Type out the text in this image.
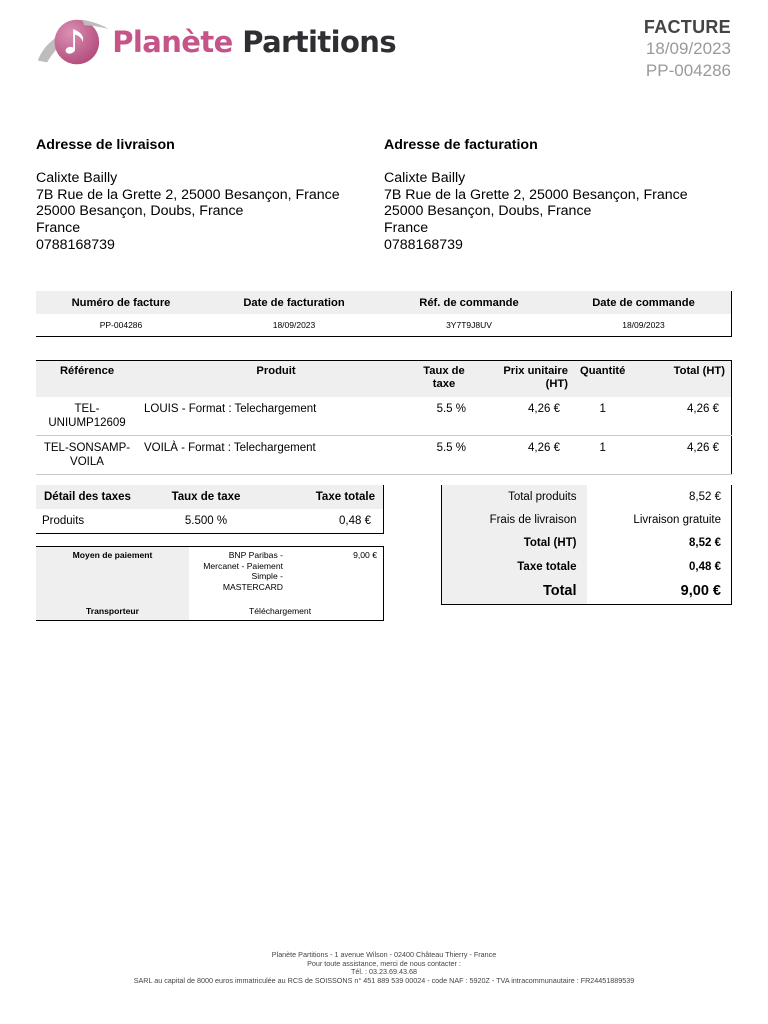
Planète Partitions	FACTURE
18/09/2023
PP-004286
Adresse de livraison
Calixte Bailly
7B Rue de la Grette 2, 25000 Besançon, France
25000 Besançon, Doubs, France
France
0788168739
Adresse de facturation
Calixte Bailly
7B Rue de la Grette 2, 25000 Besançon, France
25000 Besançon, Doubs, France
France
0788168739
Numéro de facture	Date de facturation	Réf. de commande	Date de commande
PP-004286	18/09/2023	3Y7T9J8UV	18/09/2023
Référence	Produit	Taux de taxe	Prix unitaire (HT)	Quantité	Total (HT)
TEL-UNIUMP12609	LOUIS - Format : Telechargement	5.5 %	4,26 €	1	4,26 €
TEL-SONSAMP-VOILA	VOILÀ - Format : Telechargement	5.5 %	4,26 €	1	4,26 €
Détail des taxes	Taux de taxe	Taxe totale
Produits	5.500 %	0,48 €
Moyen de paiement	BNP Paribas - Mercanet - Paiement Simple - MASTERCARD	9,00 €
Transporteur	Téléchargement	
Total produits	8,52 €
Frais de livraison	Livraison gratuite
Total (HT)	8,52 €
Taxe totale	0,48 €
Total	9,00 €
Planète Partitions - 1 avenue Wilson - 02400 Château Thierry - France
Pour toute assistance, merci de nous contacter :
Tél. : 03.23.69.43.68
SARL au capital de 8000 euros immatriculée au RCS de SOISSONS n° 451 889 539 00024 - code NAF : 5920Z - TVA intracommunautaire : FR24451889539
